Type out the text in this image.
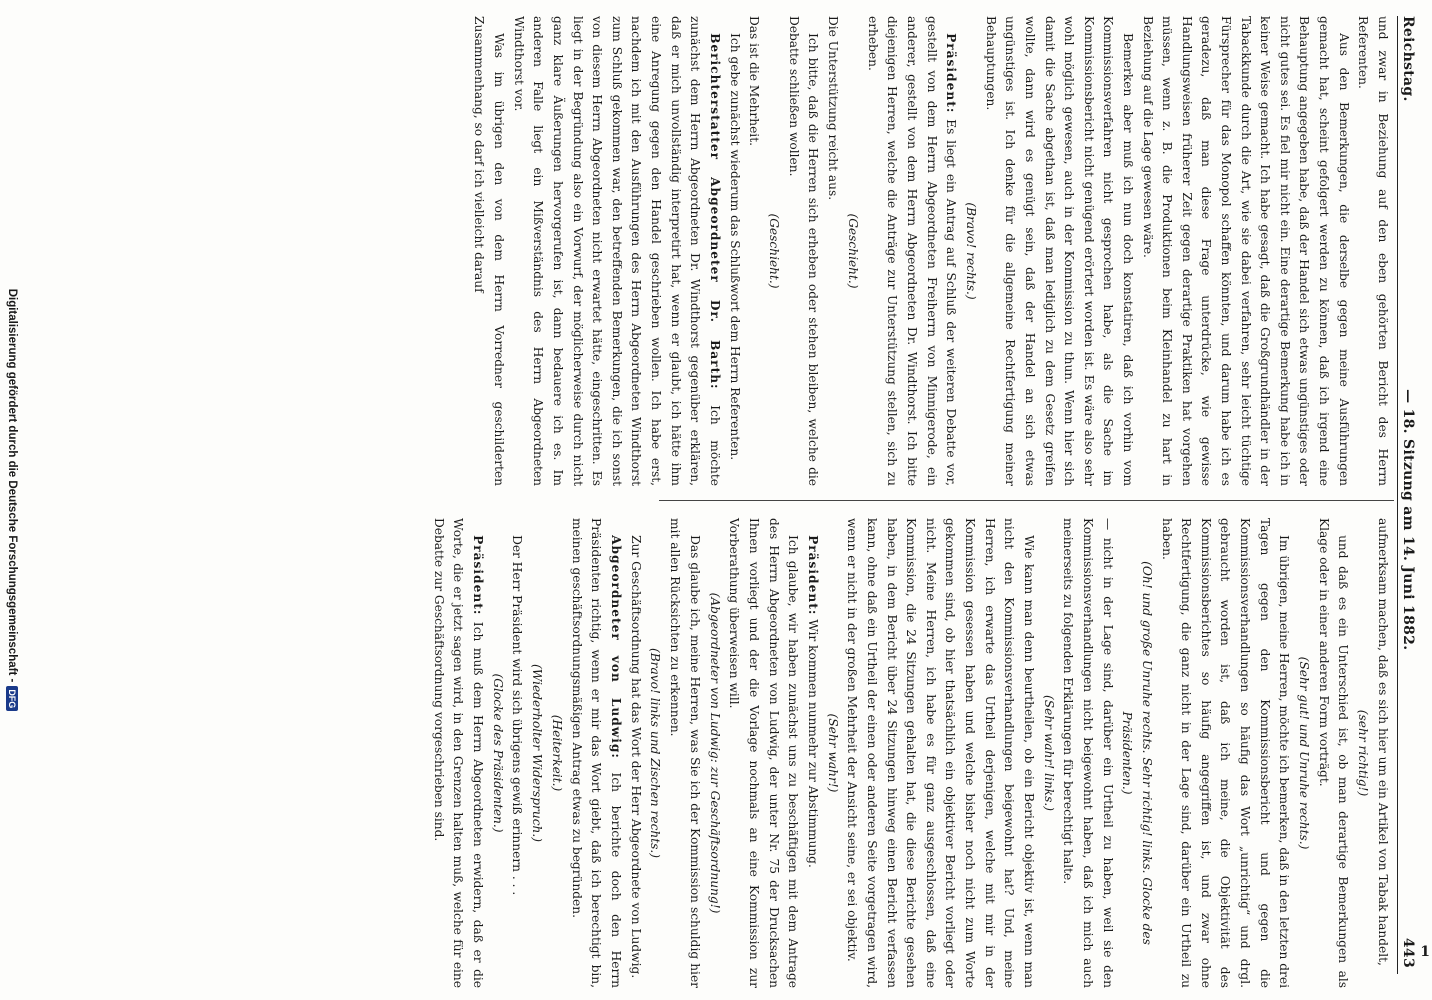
Reichstag.
— 18. Sitzung am 14. Juni 1882.
443

und zwar in Beziehung auf den eben gehörten Bericht des Herrn Referenten.

Aus den Bemerkungen, die derselbe gegen meine Ausführungen gemacht hat, scheint gefolgert werden zu können, daß ich irgend eine Behauptung angegeben habe, daß der Handel sich etwas ungünstiges oder nicht gutes sei. Es fiel mir nicht ein. Eine derartige Bemerkung habe ich in keiner Weise gemacht. Ich habe gesagt, daß die Großgrundhändler in der Tabackkunde durch die Art, wie sie dabei verfahren, sehr leicht tüchtige Fürsprecher für das Monopol schaffen könnten, und darum habe ich es geradezu, daß man diese Frage unterdrücke, wie gewisse Handlungsweisen früherer Zeit gegen derartige Praktiken hat vorgehen müssen, wenn z. B. die Produktionen beim Kleinhandel zu hart in Beziehung auf die Lage gewesen wäre.

Bemerken aber muß ich nun doch konstatiren, daß ich vorhin vom Kommissionsverfahren nicht gesprochen habe, als die Sache im Kommissionsbericht nicht genügend erörtert worden ist. Es wäre also sehr wohl möglich gewesen, auch in der Kommission zu thun. Wenn hier sich damit die Sache abgethan ist, daß man lediglich zu dem Gesetz greifen wollte, dann wird es genügt sein, daß der Handel an sich etwas ungünstiges ist. Ich denke für die allgemeine Rechtfertigung meiner Behauptungen.

(Bravo! rechts.)

Präsident: Es liegt ein Antrag auf Schluß der weiteren Debatte vor, gestellt von dem Herrn Abgeordneten Freiherrn von Minnigerode, ein anderer, gestellt von dem Herrn Abgeordneten Dr. Windthorst. Ich bitte diejenigen Herren, welche die Anträge zur Unterstützung stellen, sich zu erheben.

(Geschieht.)

Die Unterstützung reicht aus.

Ich bitte, daß die Herren sich erheben oder stehen bleiben, welche die Debatte schließen wollen.

(Geschieht.)

Das ist die Mehrheit.

Ich gebe zunächst wiederum das Schlußwort dem Herrn Referenten.

Berichterstatter Abgeordneter Dr. Barth: Ich möchte zunächst dem Herrn Abgeordneten Dr. Windthorst gegenüber erklären, daß er mich unvollständig interpretirt hat, wenn er glaubt, ich hätte ihm eine Anregung gegen den Handel geschrieben wollen. Ich habe erst, nachdem ich mit den Ausführungen des Herrn Abgeordneten Windthorst zum Schluß gekommen war, den betreffenden Bemerkungen, die ich sonst von diesem Herrn Abgeordneten nicht erwartet hätte, eingeschritten. Es liegt in der Begründung also ein Vorwurf, der möglicherweise durch nicht ganz klare Äußerungen hervorgerufen ist, dann bedauere ich es. Im anderen Falle liegt ein Mißverständnis des Herrn Abgeordneten Windthorst vor.

Was im übrigen den von dem Herrn Vorredner geschilderten Zusammenhang, so darf ich vielleicht darauf

aufmerksam machen, daß es sich hier um ein Artikel von Tabak handelt,

(sehr richtig!)

und daß es ein Unterschied ist, ob man derartige Bemerkungen als Klage oder in einer anderen Form vorträgt.

(Sehr gut! und Unruhe rechts.)

Im übrigen, meine Herren, möchte ich bemerken, daß in den letzten drei Tagen gegen den Kommissionsbericht und gegen die Kommissionsverhandlungen so häufig das Wort „unrichtig“ und drgl. gebraucht worden ist, daß ich meine, die Objektivität des Kommissionsberichtes so häufig angegriffen ist, und zwar ohne Rechtfertigung, die ganz nicht in der Lage sind, darüber ein Urtheil zu haben.

(Oh! und große Unruhe rechts. Sehr richtig! links. Glocke des Präsidenten.)

— nicht in der Lage sind, darüber ein Urtheil zu haben, weil sie den Kommissionsverhandlungen nicht beigewohnt haben, daß ich mich auch meinerseits zu folgenden Erklärungen für berechtigt halte.

(Sehr wahr! links.)

Wie kann man denn beurtheilen, ob ein Bericht objektiv ist, wenn man nicht den Kommissionsverhandlungen beigewohnt hat? Und, meine Herren, ich erwarte das Urtheil derjenigen, welche mit mir in der Kommission gesessen haben und welche bisher noch nicht zum Worte gekommen sind, ob hier thatsächlich ein objektiver Bericht vorliegt oder nicht. Meine Herren, ich habe es für ganz ausgeschlossen, daß eine Kommission, die 24 Sitzungen gehalten hat, die diese Berichte gesehen haben, in dem Bericht über 24 Sitzungen hinweg einen Bericht verfassen kann, ohne daß ein Urtheil der einen oder anderen Seite vorgetragen wird, wenn er nicht in der großen Mehrheit der Ansicht seine, er sei objektiv.

(Sehr wahr!)

Präsident: Wir kommen nunmehr zur Abstimmung.

Ich glaube, wir haben zunächst uns zu beschäftigen mit dem Antrage des Herrn Abgeordneten von Ludwig, der unter Nr. 75 der Drucksachen Ihnen vorliegt und der die Vorlage nochmals an eine Kommission zur Vorberathung überweisen will.

(Abgeordneter von Ludwig: zur Geschäftsordnung!)

Das glaube ich, meine Herren, was Sie ich der Kommission schuldig hier mit allen Rücksichten zu erkennen.

(Bravo! links und Zischen rechts.)

Zur Geschäftsordnung hat das Wort der Herr Abgeordnete von Ludwig.

Abgeordneter von Ludwig: Ich berichte doch den Herrn Präsidenten richtig, wenn er mir das Wort giebt, daß ich berechtigt bin, meinen geschäftsordnungsmäßigen Antrag etwas zu begründen.

(Heiterkeit.)

(Wiederholter Widerspruch.)

Der Herr Präsident wird sich übrigens gewiß erinnern . . .

(Glocke des Präsidenten.)

Präsident: Ich muß dem Herrn Abgeordneten erwidern, daß er die Worte, die er jetzt sagen wird, in den Grenzen halten muß, welche für eine Debatte zur Geschäftsordnung vorgeschrieben sind.

Digitalisierung gefördert durch die Deutsche Forschungsgemeinschaft -
DFG
1
